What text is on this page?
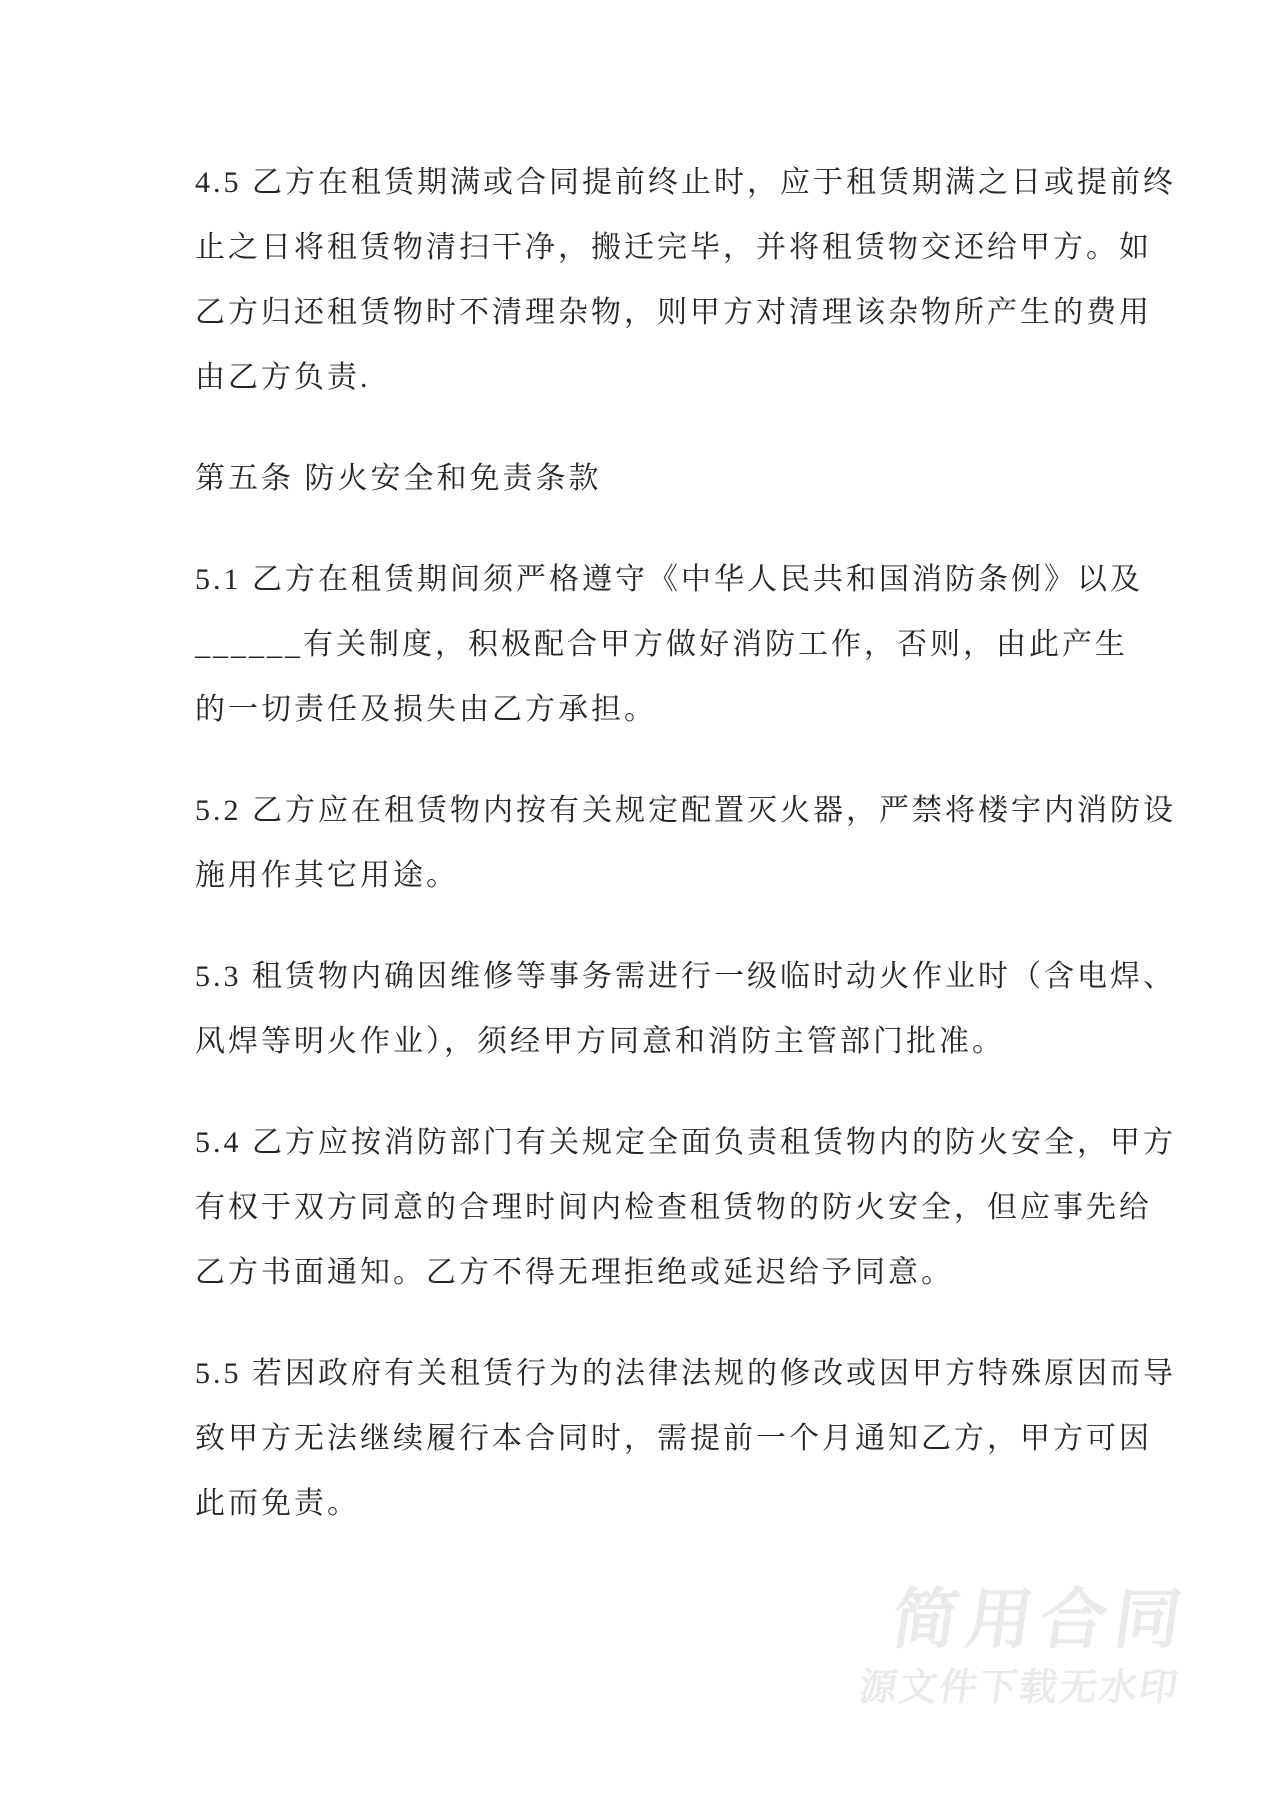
4.5 乙方在租赁期满或合同提前终止时，应于租赁期满之日或提前终
止之日将租赁物清扫干净，搬迁完毕，并将租赁物交还给甲方。如
乙方归还租赁物时不清理杂物，则甲方对清理该杂物所产生的费用
由乙方负责.
第五条 防火安全和免责条款
5.1 乙方在租赁期间须严格遵守《中华人民共和国消防条例》以及
______有关制度，积极配合甲方做好消防工作，否则，由此产生
的一切责任及损失由乙方承担。
5.2 乙方应在租赁物内按有关规定配置灭火器，严禁将楼宇内消防设
施用作其它用途。
5.3 租赁物内确因维修等事务需进行一级临时动火作业时（含电焊、
风焊等明火作业），须经甲方同意和消防主管部门批准。
5.4 乙方应按消防部门有关规定全面负责租赁物内的防火安全，甲方
有权于双方同意的合理时间内检查租赁物的防火安全，但应事先给
乙方书面通知。乙方不得无理拒绝或延迟给予同意。
5.5 若因政府有关租赁行为的法律法规的修改或因甲方特殊原因而导
致甲方无法继续履行本合同时，需提前一个月通知乙方，甲方可因
此而免责。
简用合同
源文件下载无水印
